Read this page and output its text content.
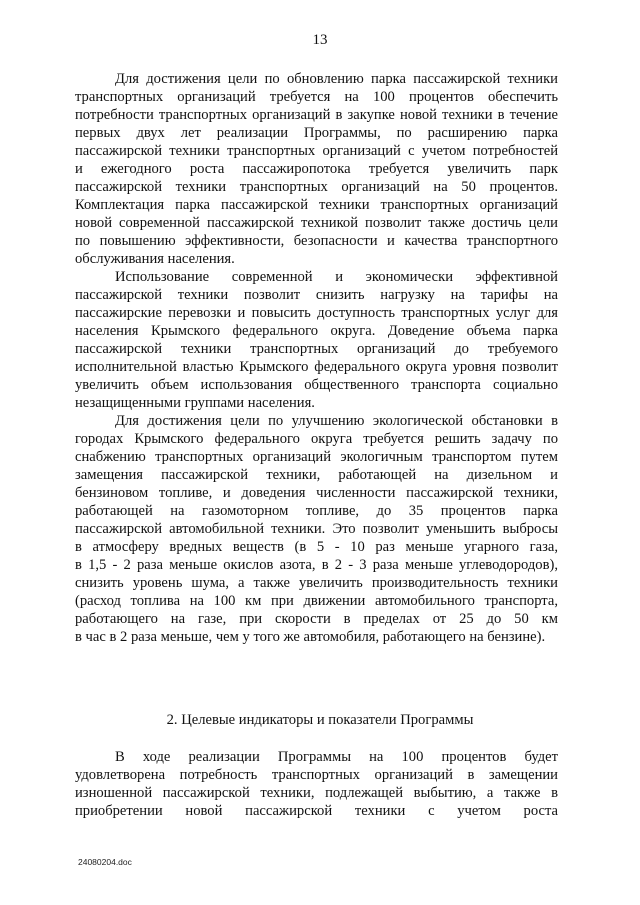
13
Для достижения цели по обновлению парка пассажирской техники
транспортных организаций требуется на 100 процентов обеспечить
потребности транспортных организаций в закупке новой техники в течение
первых двух лет реализации Программы, по расширению парка
пассажирской техники транспортных организаций с учетом потребностей
и ежегодного роста пассажиропотока требуется увеличить парк
пассажирской техники транспортных организаций на 50 процентов.
Комплектация парка пассажирской техники транспортных организаций
новой современной пассажирской техникой позволит также достичь цели
по повышению эффективности, безопасности и качества транспортного
обслуживания населения.
Использование современной и экономически эффективной
пассажирской техники позволит снизить нагрузку на тарифы на
пассажирские перевозки и повысить доступность транспортных услуг для
населения Крымского федерального округа. Доведение объема парка
пассажирской техники транспортных организаций до требуемого
исполнительной властью Крымского федерального округа уровня позволит
увеличить объем использования общественного транспорта социально
незащищенными группами населения.
Для достижения цели по улучшению экологической обстановки в
городах Крымского федерального округа требуется решить задачу по
снабжению транспортных организаций экологичным транспортом путем
замещения пассажирской техники, работающей на дизельном и
бензиновом топливе, и доведения численности пассажирской техники,
работающей на газомоторном топливе, до 35 процентов парка
пассажирской автомобильной техники. Это позволит уменьшить выбросы
в атмосферу вредных веществ (в 5 - 10 раз меньше угарного газа,
в 1,5 - 2 раза меньше окислов азота, в 2 - 3 раза меньше углеводородов),
снизить уровень шума, а также увеличить производительность техники
(расход топлива на 100 км при движении автомобильного транспорта,
работающего на газе, при скорости в пределах от 25 до 50 км
в час в 2 раза меньше, чем у того же автомобиля, работающего на бензине).
2. Целевые индикаторы и показатели Программы
В ходе реализации Программы на 100 процентов будет
удовлетворена потребность транспортных организаций в замещении
изношенной пассажирской техники, подлежащей выбытию, а также в
приобретении новой пассажирской техники с учетом роста
24080204.doc
